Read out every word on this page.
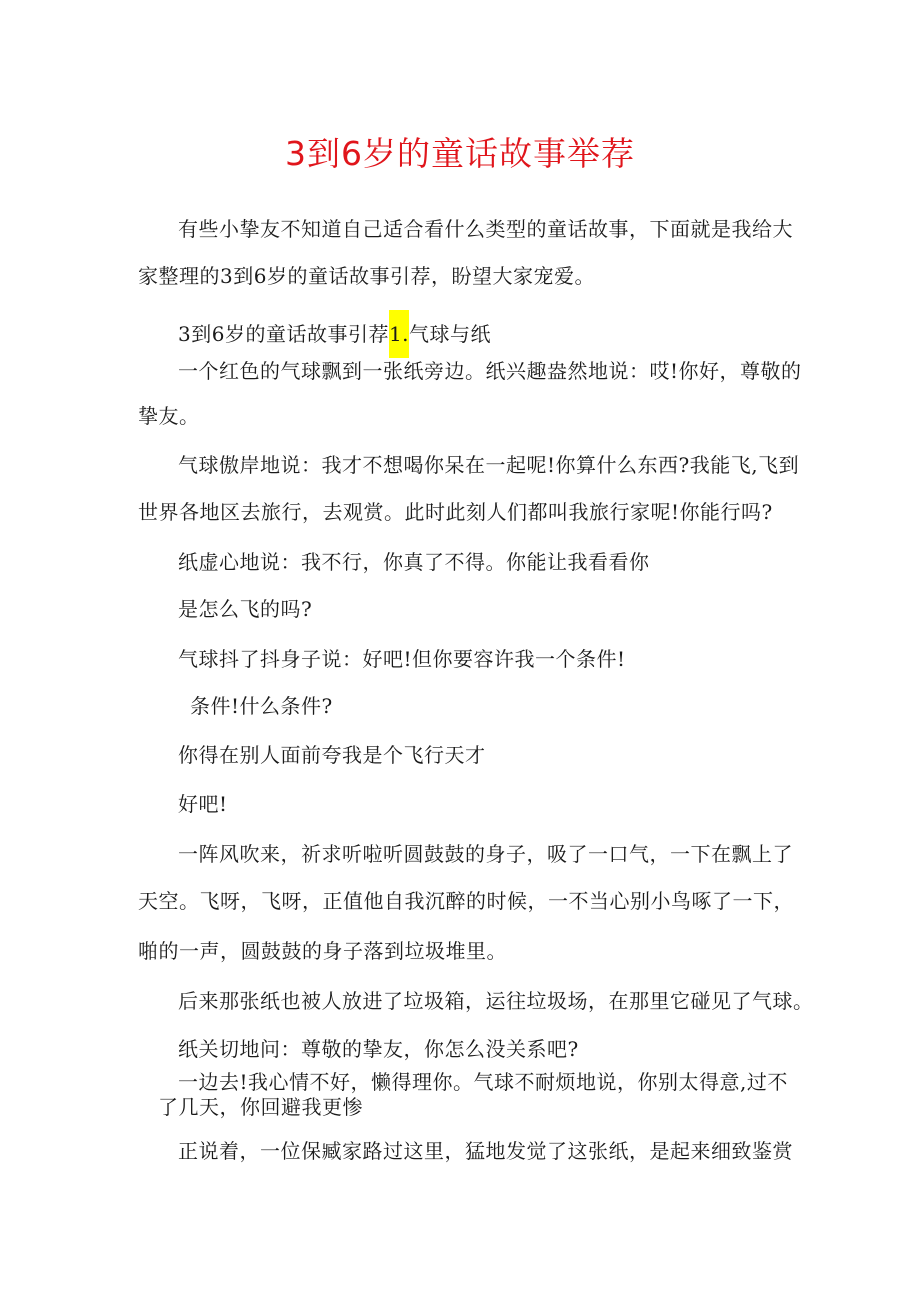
3到6岁的童话故事举荐
有些小挚友不知道自己适合看什么类型的童话故事，下面就是我给大
家整理的3到6岁的童话故事引荐，盼望大家宠爱。
3到6岁的童话故事引荐1.气球与纸
一个红色的气球飘到一张纸旁边。纸兴趣盎然地说：哎!你好，尊敬的
挚友。
气球傲岸地说：我才不想喝你呆在一起呢!你算什么东西?我能飞,飞到
世界各地区去旅行，去观赏。此时此刻人们都叫我旅行家呢!你能行吗?
纸虚心地说：我不行，你真了不得。你能让我看看你
是怎么飞的吗?
气球抖了抖身子说：好吧!但你要容许我一个条件!
条件!什么条件?
你得在别人面前夸我是个飞行天才
好吧!
一阵风吹来，祈求听啦听圆鼓鼓的身子，吸了一口气，一下在飘上了
天空。飞呀，飞呀，正值他自我沉醉的时候，一不当心别小鸟啄了一下，
啪的一声，圆鼓鼓的身子落到垃圾堆里。
后来那张纸也被人放进了垃圾箱，运往垃圾场，在那里它碰见了气球。
纸关切地问：尊敬的挚友，你怎么没关系吧?
一边去!我心情不好，懒得理你。气球不耐烦地说，你别太得意,过不
了几天，你回避我更惨
正说着，一位保臧家路过这里，猛地发觉了这张纸，是起来细致鉴赏
